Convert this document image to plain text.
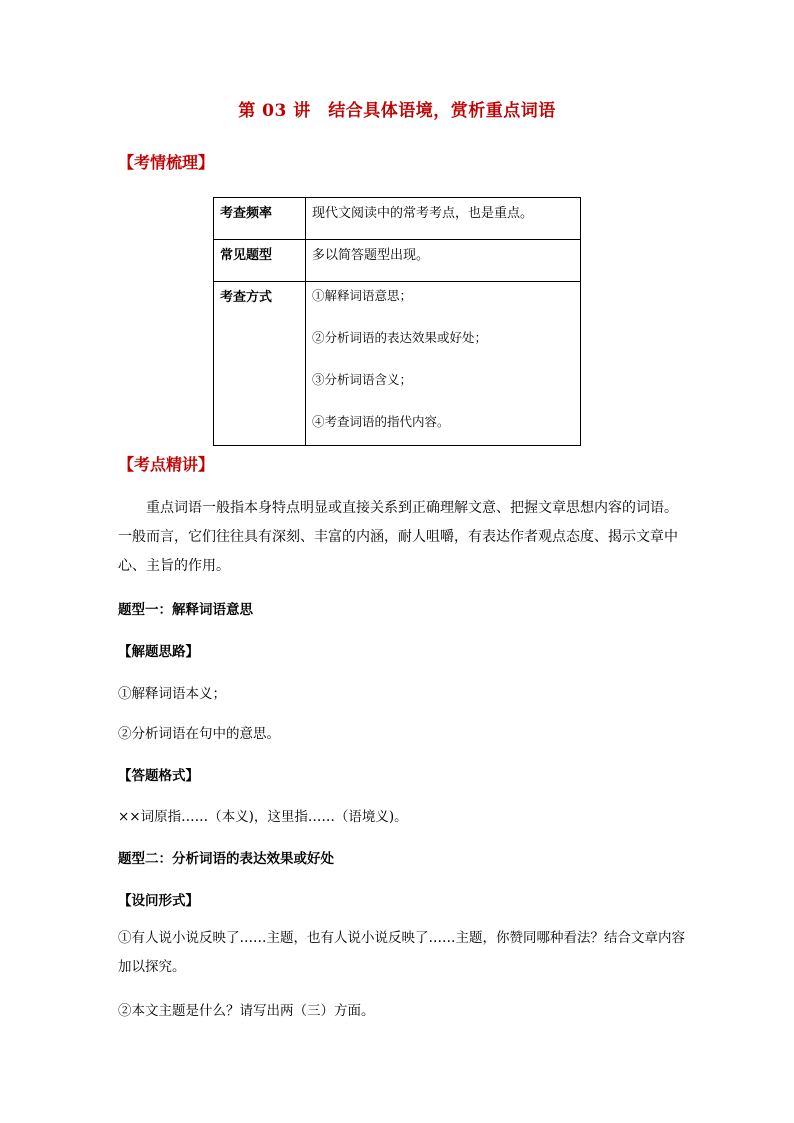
第 03 讲　结合具体语境，赏析重点词语
【考情梳理】
考查频率	现代文阅读中的常考考点，也是重点。
常见题型	多以简答题型出现。
考查方式	①解释词语意思；
②分析词语的表达效果或好处；
③分析词语含义；
④考查词语的指代内容。
【考点精讲】
重点词语一般指本身特点明显或直接关系到正确理解文意、把握文章思想内容的词语。一般而言，它们往往具有深刻、丰富的内涵，耐人咀嚼，有表达作者观点态度、揭示文章中心、主旨的作用。
题型一：解释词语意思
【解题思路】
①解释词语本义；
②分析词语在句中的意思。
【答题格式】
××词原指……（本义)，这里指……（语境义)。
题型二：分析词语的表达效果或好处
【设问形式】
①有人说小说反映了……主题，也有人说小说反映了……主题，你赞同哪种看法？结合文章内容加以探究。
②本文主题是什么？请写出两（三）方面。
